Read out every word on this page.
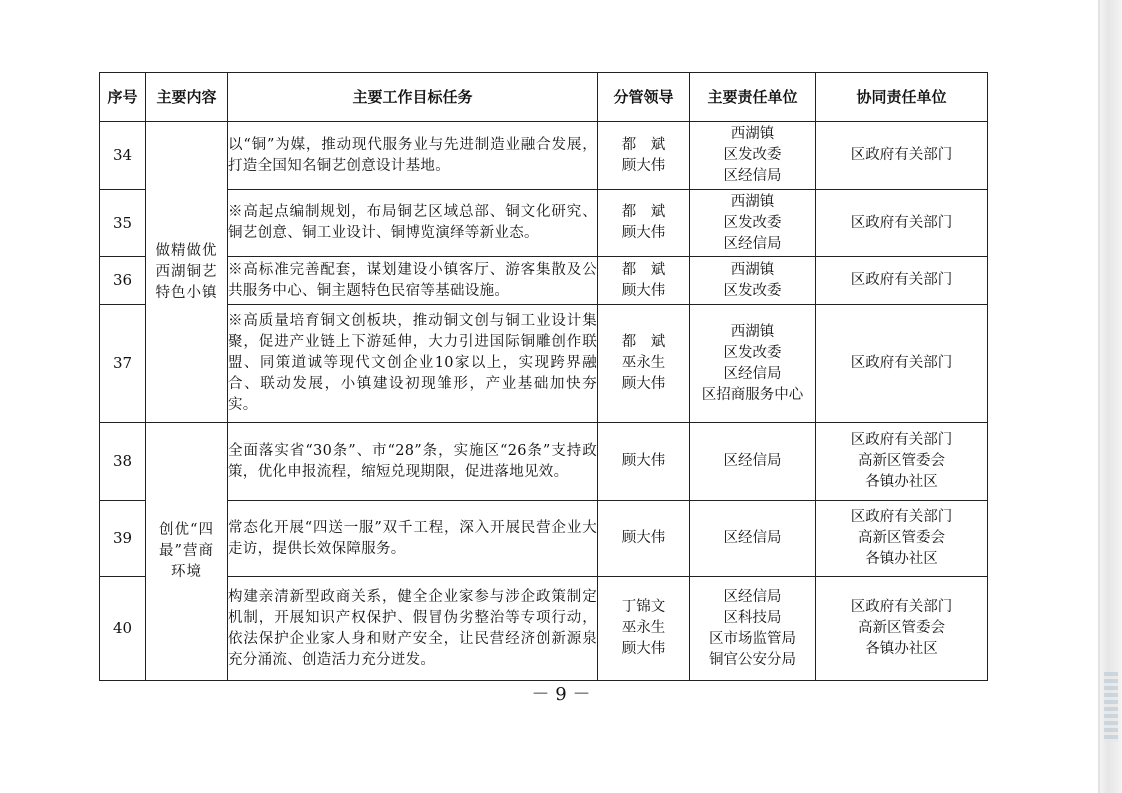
序号	主要内容	主要工作目标任务	分管领导	主要责任单位	协同责任单位
34	做精做优
西湖铜艺
特色小镇	以“铜”为媒，推动现代服务业与先进制造业融合发展，打造全国知名铜艺创意设计基地。	都　斌
顾大伟	西湖镇
区发改委
区经信局	区政府有关部门

35		※高起点编制规划，布局铜艺区域总部、铜文化研究、铜艺创意、铜工业设计、铜博览演绎等新业态。	都　斌
顾大伟	西湖镇
区发改委
区经信局	区政府有关部门

36		※高标准完善配套，谋划建设小镇客厅、游客集散及公共服务中心、铜主题特色民宿等基础设施。	都　斌
顾大伟	西湖镇
区发改委	区政府有关部门

37		※高质量培育铜文创板块，推动铜文创与铜工业设计集聚，促进产业链上下游延伸，大力引进国际铜雕创作联盟、同策道诚等现代文创企业10家以上，实现跨界融合、联动发展，小镇建设初现雏形，产业基础加快夯实。	都　斌
巫永生
顾大伟	西湖镇
区发改委
区经信局
区招商服务中心	区政府有关部门

38	创优“四
最”营商
环境	全面落实省“30条”、市“28”条，实施区“26条”支持政策，优化申报流程，缩短兑现期限，促进落地见效。	顾大伟	区经信局	区政府有关部门
高新区管委会
各镇办社区

39		常态化开展“四送一服”双千工程，深入开展民营企业大走访，提供长效保障服务。	顾大伟	区经信局	区政府有关部门
高新区管委会
各镇办社区

40		构建亲清新型政商关系，健全企业家参与涉企政策制定机制，开展知识产权保护、假冒伪劣整治等专项行动，依法保护企业家人身和财产安全，让民营经济创新源泉充分涌流、创造活力充分迸发。	丁锦文
巫永生
顾大伟	区经信局
区科技局
区市场监管局
铜官公安分局	区政府有关部门
高新区管委会
各镇办社区
－ 9 －
